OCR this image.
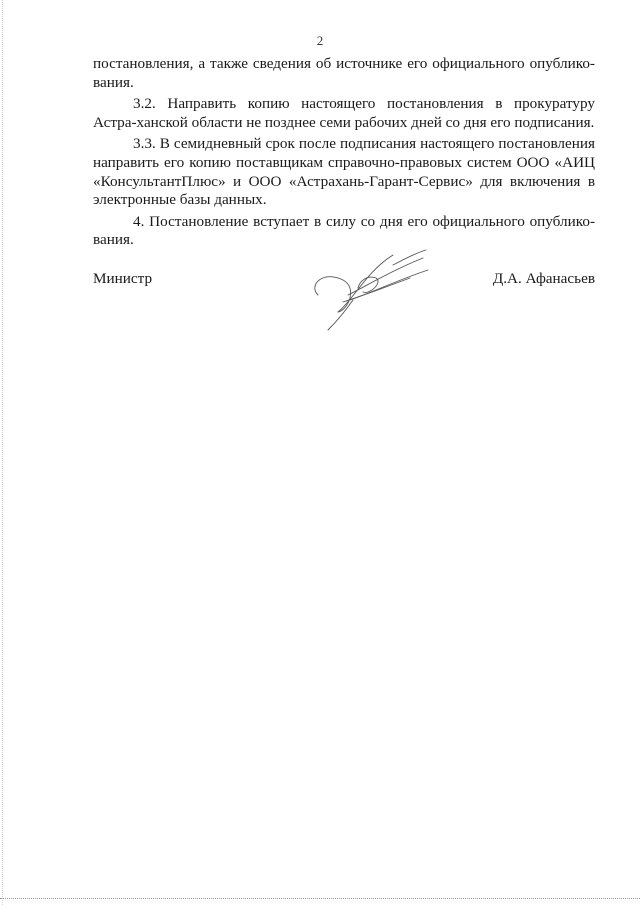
2

постановления, а также сведения об источнике его официального опублико-вания.

3.2. Направить копию настоящего постановления в прокуратуру Астра-ханской области не позднее семи рабочих дней со дня его подписания.

3.3. В семидневный срок после подписания настоящего постановления направить его копию поставщикам справочно-правовых систем ООО «АИЦ «КонсультантПлюс» и ООО «Астрахань-Гарант-Сервис» для включения в электронные базы данных.

4. Постановление вступает в силу со дня его официального опублико-вания.

Министр	Д.А. Афанасьев
